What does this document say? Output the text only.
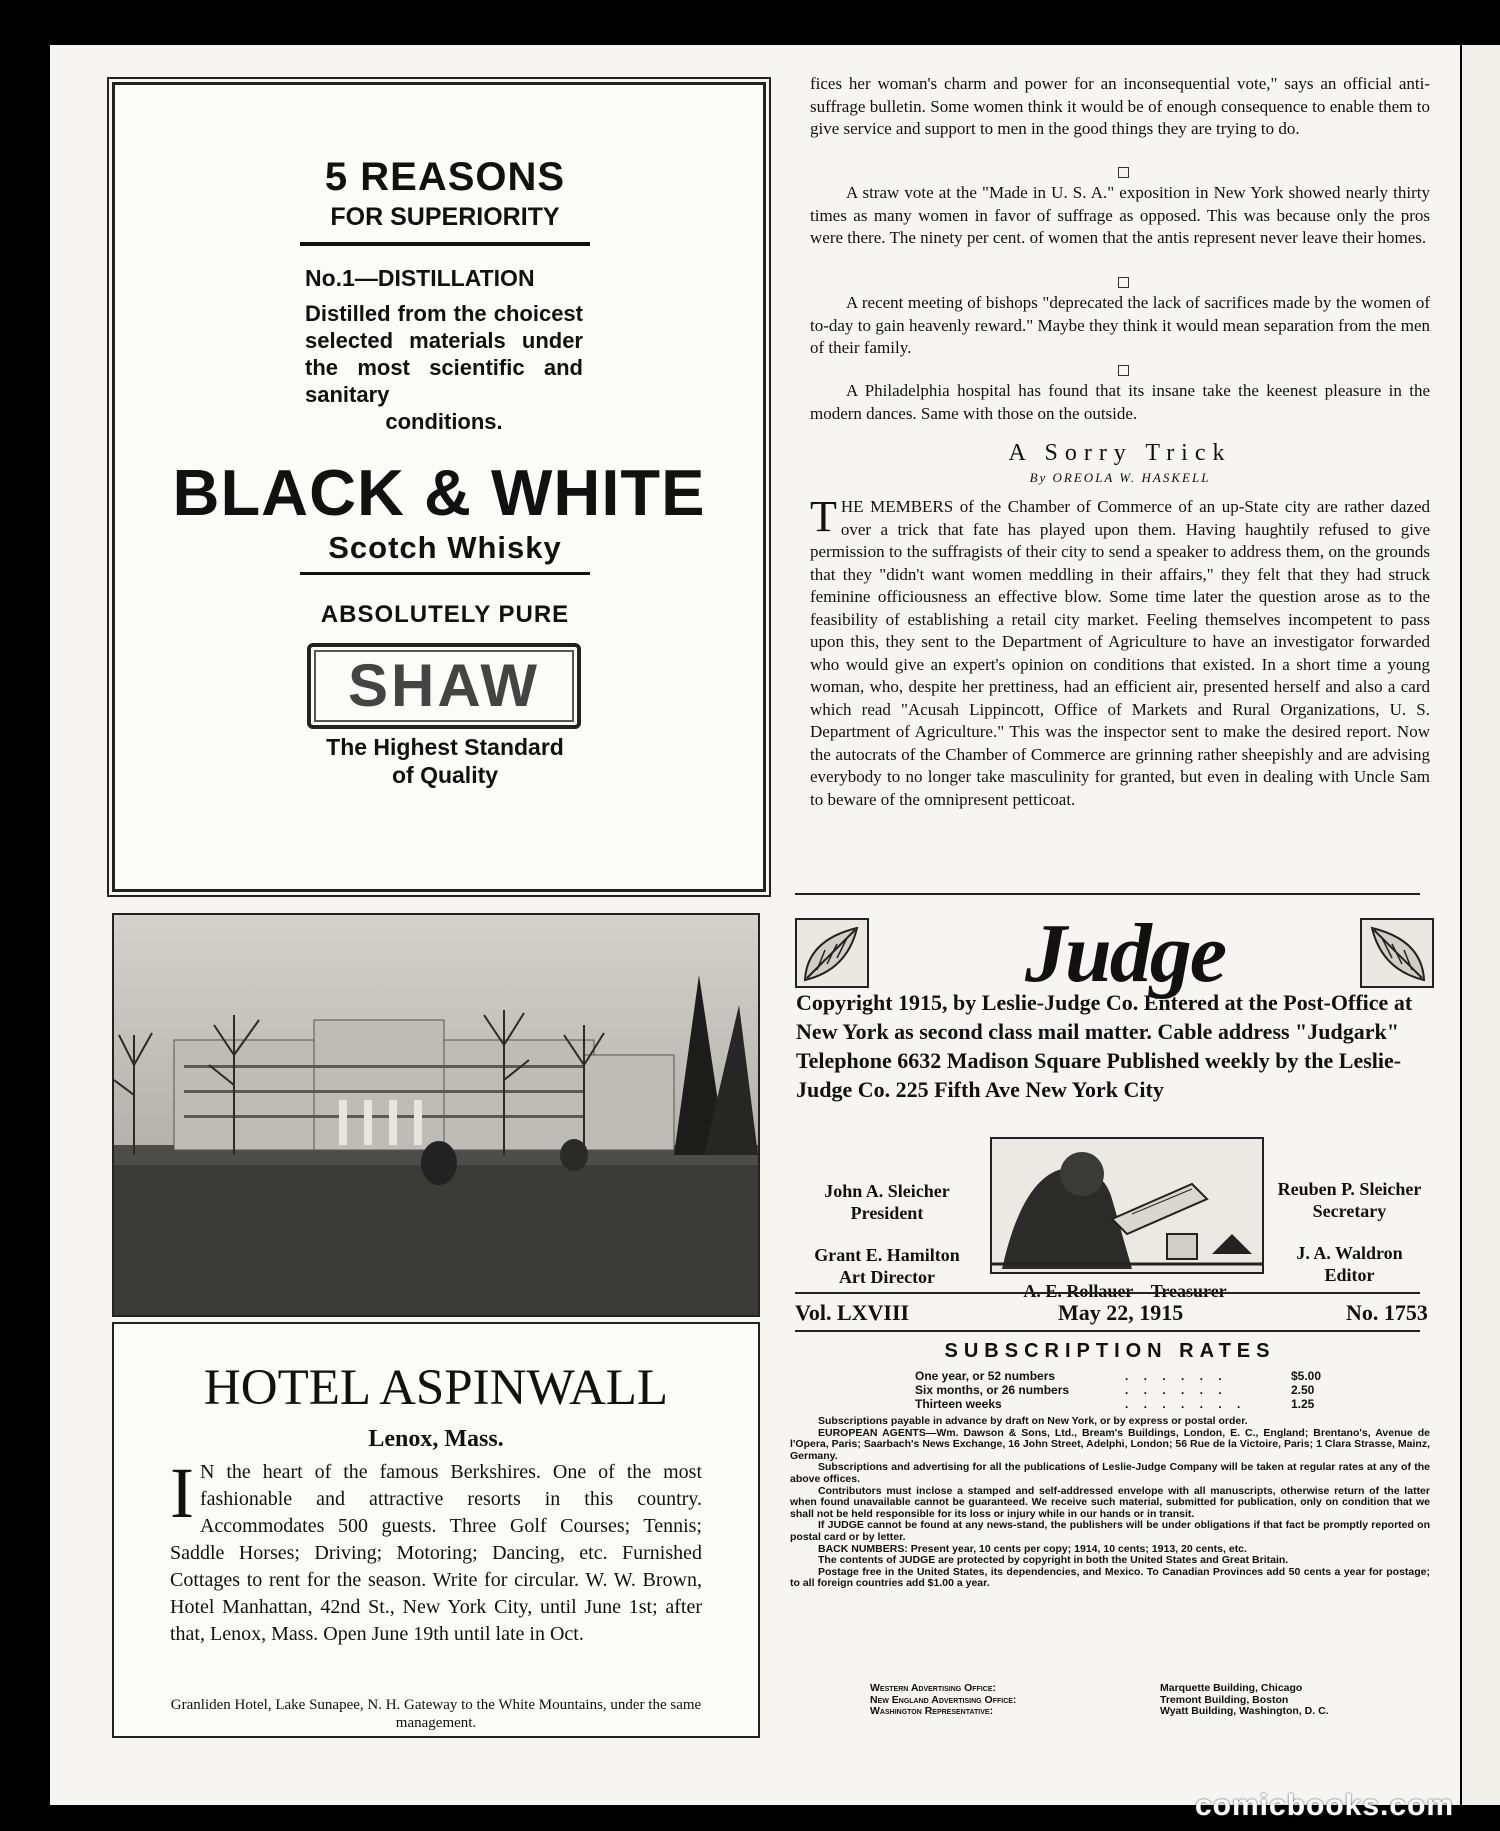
5 REASONS
FOR SUPERIORITY
No.1—DISTILLATION
Distilled from the choicest selected materials under the most scientific and sanitary
conditions.
BLACK & WHITE
Scotch Whisky
ABSOLUTELY PURE
SHAW
The Highest Standard
of Quality
HOTEL ASPINWALL
Lenox, Mass.
I N the heart of the famous Berkshires. One of the most fashionable and attractive resorts in this country. Accommodates 500 guests. Three Golf Courses; Tennis; Saddle Horses; Driving; Motoring; Dancing, etc. Furnished Cottages to rent for the season. Write for circular. W. W. Brown, Hotel Manhattan, 42nd St., New York City, until June 1st; after that, Lenox, Mass. Open June 19th until late in Oct.
Granliden Hotel, Lake Sunapee, N. H. Gateway to the White Mountains, under the same management.

fices her woman's charm and power for an inconsequential vote," says an official anti-suffrage bulletin. Some women think it would be of enough consequence to enable them to give service and support to men in the good things they are trying to do.

A straw vote at the "Made in U. S. A." exposition in New York showed nearly thirty times as many women in favor of suffrage as opposed. This was because only the pros were there. The ninety per cent. of women that the antis represent never leave their homes.

A recent meeting of bishops "deprecated the lack of sacrifices made by the women of to-day to gain heavenly reward." Maybe they think it would mean separation from the men of their family.

A Philadelphia hospital has found that its insane take the keenest pleasure in the modern dances. Same with those on the outside.

A Sorry Trick
By OREOLA W. HASKELL
T HE MEMBERS of the Chamber of Commerce of an up-State city are rather dazed over a trick that fate has played upon them. Having haughtily refused to give permission to the suffragists of their city to send a speaker to address them, on the grounds that they "didn't want women meddling in their affairs," they felt that they had struck feminine officiousness an effective blow. Some time later the question arose as to the feasibility of establishing a retail city market. Feeling themselves incompetent to pass upon this, they sent to the Department of Agriculture to have an investigator forwarded who would give an expert's opinion on conditions that existed. In a short time a young woman, who, despite her prettiness, had an efficient air, presented herself and also a card which read "Acusah Lippincott, Office of Markets and Rural Organizations, U. S. Department of Agriculture." This was the inspector sent to make the desired report. Now the autocrats of the Chamber of Commerce are grinning rather sheepishly and are advising everybody to no longer take masculinity for granted, but even in dealing with Uncle Sam to beware of the omnipresent petticoat.
Judge
Copyright 1915, by Leslie-Judge Co. Entered at the Post-Office at New York as second class mail matter. Cable address "Judgark" Telephone 6632 Madison Square Published weekly by the Leslie-Judge Co. 225 Fifth Ave New York City
John A. Sleicher
President
Reuben P. Sleicher
Secretary
Grant E. Hamilton
Art Director
J. A. Waldron
Editor
A. E. Rollauer Treasurer
Vol. LXVIII	May 22, 1915	No. 1753
SUBSCRIPTION RATES
One year, or 52 numbers	. . . . . .	$5.00
Six months, or 26 numbers	. . . . . .	2.50
Thirteen weeks	. . . . . . .	1.25

Subscriptions payable in advance by draft on New York, or by express or postal order.

EUROPEAN AGENTS—Wm. Dawson & Sons, Ltd., Bream's Buildings, London, E. C., England; Brentano's, Avenue de l'Opera, Paris; Saarbach's News Exchange, 16 John Street, Adelphi, London; 56 Rue de la Victoire, Paris; 1 Clara Strasse, Mainz, Germany.

Subscriptions and advertising for all the publications of Leslie-Judge Company will be taken at regular rates at any of the above offices.

Contributors must inclose a stamped and self-addressed envelope with all manuscripts, otherwise return of the latter when found unavailable cannot be guaranteed. We receive such material, submitted for publication, only on condition that we shall not be held responsible for its loss or injury while in our hands or in transit.

If JUDGE cannot be found at any news-stand, the publishers will be under obligations if that fact be promptly reported on postal card or by letter.

BACK NUMBERS: Present year, 10 cents per copy; 1914, 10 cents; 1913, 20 cents, etc.

The contents of JUDGE are protected by copyright in both the United States and Great Britain.

Postage free in the United States, its dependencies, and Mexico. To Canadian Provinces add 50 cents a year for postage; to all foreign countries add $1.00 a year.

Western Advertising Office:	Marquette Building, Chicago
New England Advertising Office:	Tremont Building, Boston
Washington Representative:	Wyatt Building, Washington, D. C.
comicbooks.com
